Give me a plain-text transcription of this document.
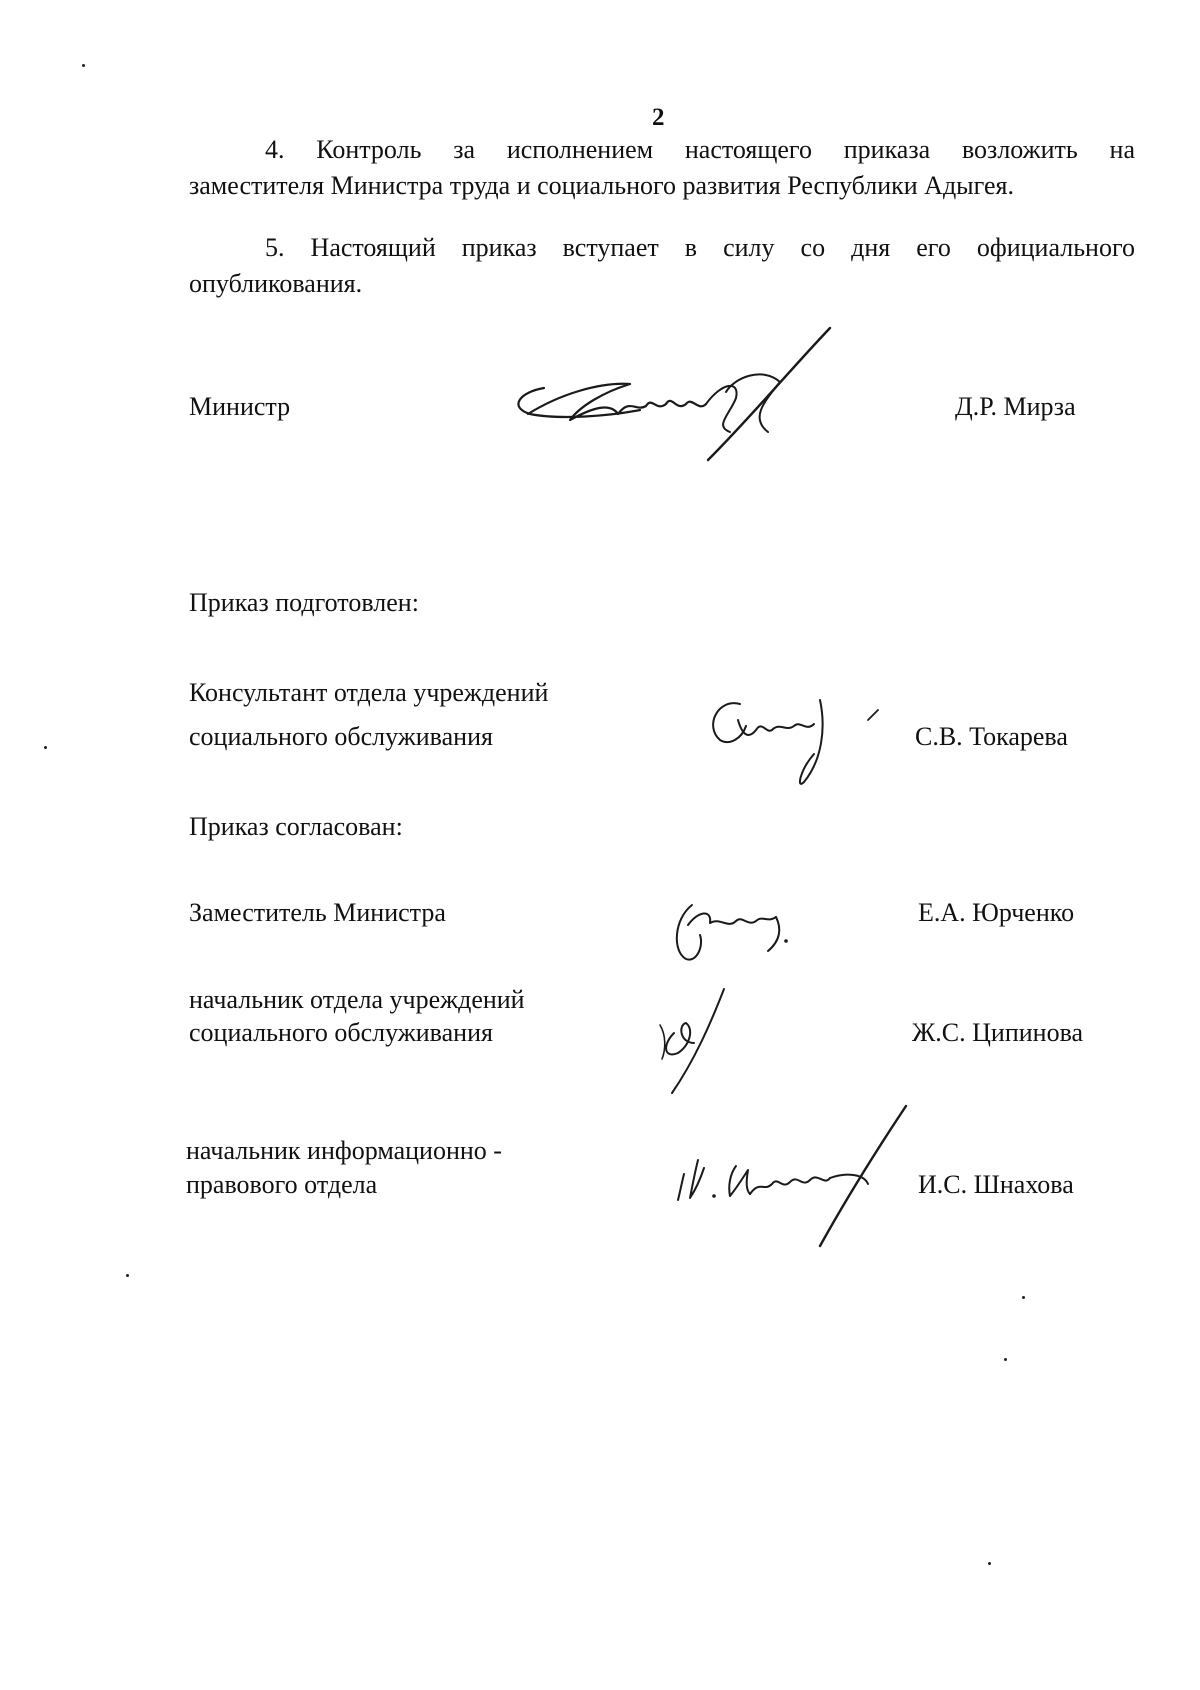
2
4. Контроль за исполнением настоящего приказа возложить на
заместителя Министра труда и социального развития Республики Адыгея.
5. Настоящий приказ вступает в силу со дня его официального
опубликования.
Министр	Д.Р. Мирза
Приказ подготовлен:
Консультант отдела учреждений
социального обслуживания	С.В. Токарева
Приказ согласован:
Заместитель Министра	Е.А. Юрченко
начальник отдела учреждений
социального обслуживания	Ж.С. Ципинова
начальник информационно -
правового отдела	И.С. Шнахова
